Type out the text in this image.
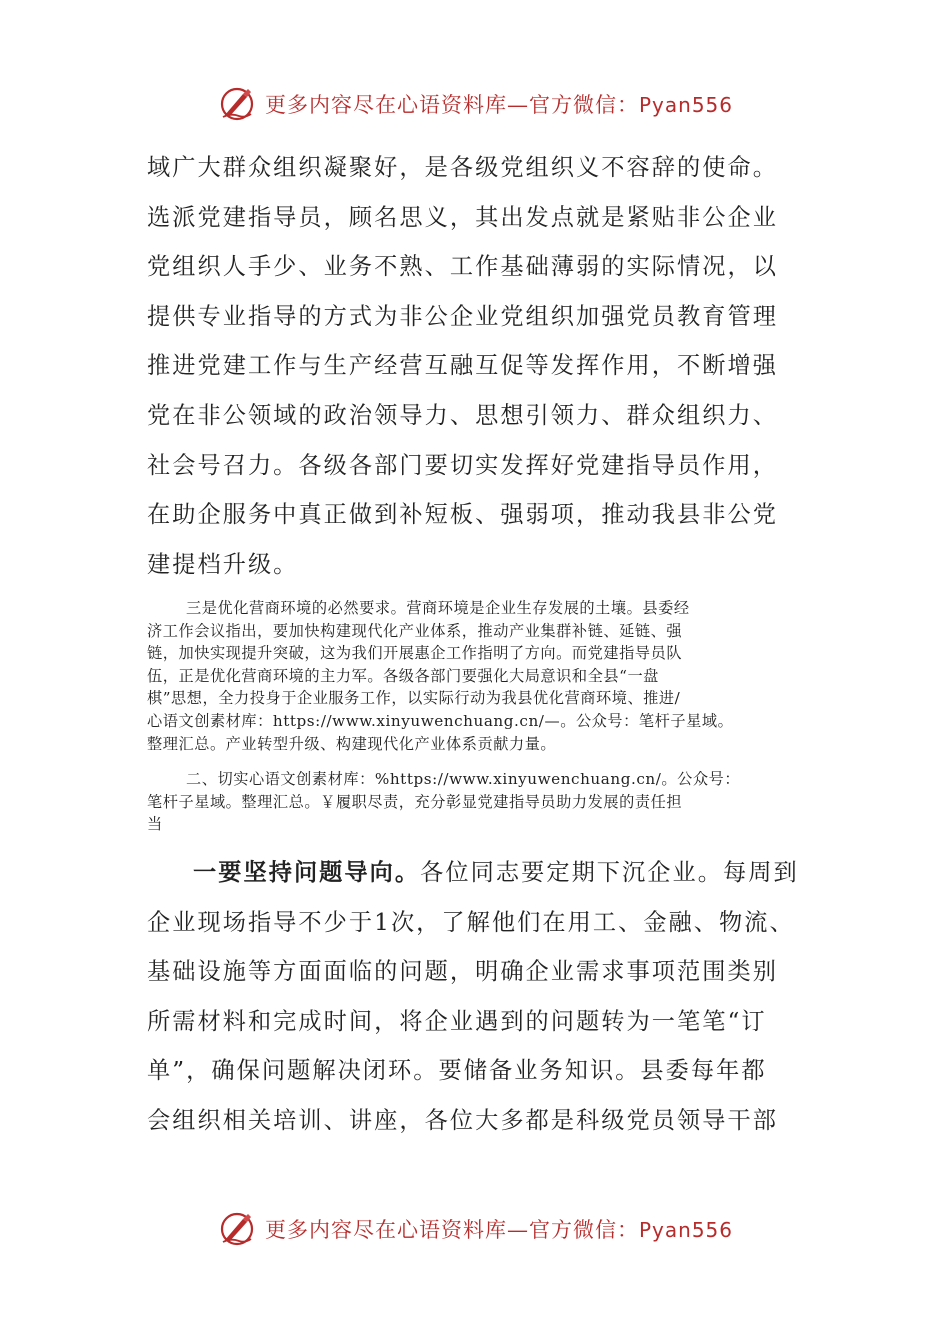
更多内容尽在心语资料库—官方微信：Pyan556

域广大群众组织凝聚好，是各级党组织义不容辞的使命。
选派党建指导员，顾名思义，其出发点就是紧贴非公企业
党组织人手少、业务不熟、工作基础薄弱的实际情况，以
提供专业指导的方式为非公企业党组织加强党员教育管理
推进党建工作与生产经营互融互促等发挥作用，不断增强
党在非公领域的政治领导力、思想引领力、群众组织力、
社会号召力。各级各部门要切实发挥好党建指导员作用，
在助企服务中真正做到补短板、强弱项，推动我县非公党
建提档升级。

三是优化营商环境的必然要求。营商环境是企业生存发展的土壤。县委经
济工作会议指出，要加快构建现代化产业体系，推动产业集群补链、延链、强
链，加快实现提升突破，这为我们开展惠企工作指明了方向。而党建指导员队
伍，正是优化营商环境的主力军。各级各部门要强化大局意识和全县“一盘
棋”思想，全力投身于企业服务工作，以实际行动为我县优化营商环境、推进/
心语文创素材库：https://www.xinyuwenchuang.cn/—。公众号：笔杆子星域。
整理汇总。产业转型升级、构建现代化产业体系贡献力量。
二、切实心语文创素材库：%https://www.xinyuwenchuang.cn/。公众号：
笔杆子星域。整理汇总。￥履职尽责，充分彰显党建指导员助力发展的责任担
当

一要坚持问题导向。各位同志要定期下沉企业。每周到
企业现场指导不少于1次，了解他们在用工、金融、物流、
基础设施等方面面临的问题，明确企业需求事项范围类别
所需材料和完成时间，将企业遇到的问题转为一笔笔“订
单”，确保问题解决闭环。要储备业务知识。县委每年都
会组织相关培训、讲座，各位大多都是科级党员领导干部

更多内容尽在心语资料库—官方微信：Pyan556
